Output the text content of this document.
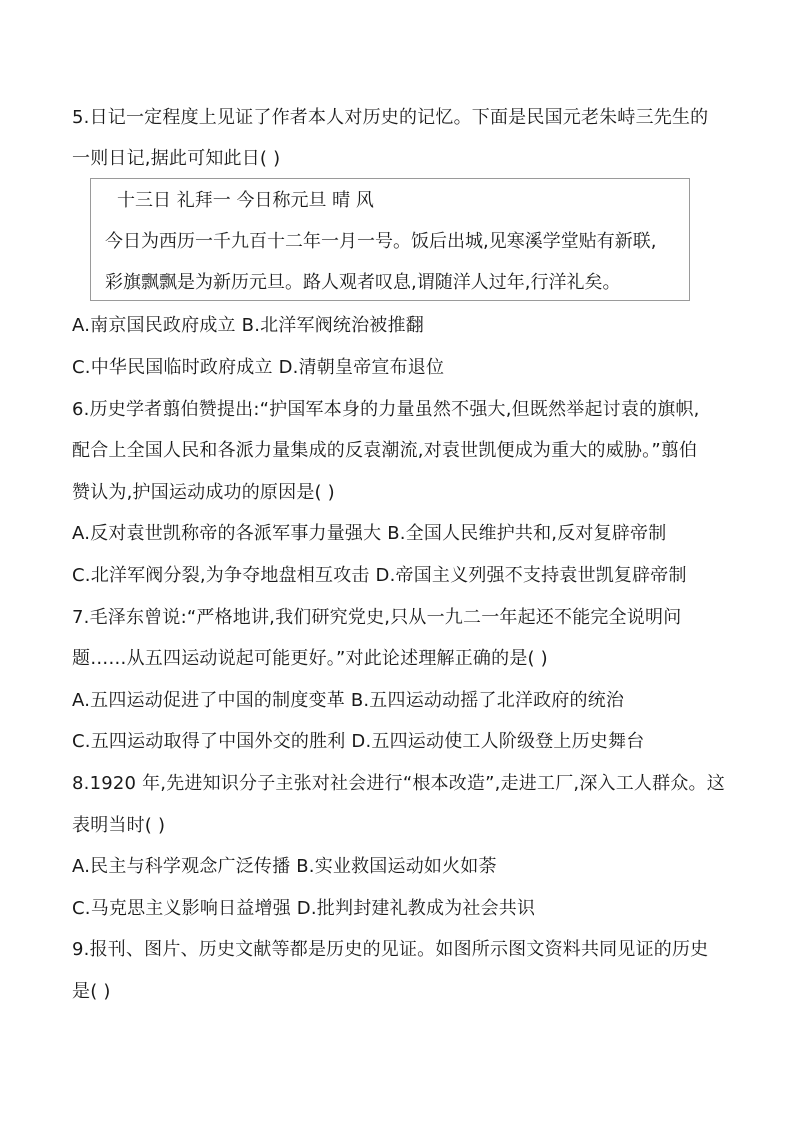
5.日记一定程度上见证了作者本人对历史的记忆。下面是民国元老朱峙三先生的
一则日记,据此可知此日( )
十三日 礼拜一 今日称元旦 晴 风
今日为西历一千九百十二年一月一号。饭后出城,见寒溪学堂贴有新联,
彩旗飘飘是为新历元旦。路人观者叹息,谓随洋人过年,行洋礼矣。
A.南京国民政府成立 B.北洋军阀统治被推翻
C.中华民国临时政府成立 D.清朝皇帝宣布退位
6.历史学者翦伯赞提出:“护国军本身的力量虽然不强大,但既然举起讨袁的旗帜,
配合上全国人民和各派力量集成的反袁潮流,对袁世凯便成为重大的威胁。”翦伯
赞认为,护国运动成功的原因是( )
A.反对袁世凯称帝的各派军事力量强大 B.全国人民维护共和,反对复辟帝制
C.北洋军阀分裂,为争夺地盘相互攻击 D.帝国主义列强不支持袁世凯复辟帝制
7.毛泽东曾说:“严格地讲,我们研究党史,只从一九二一年起还不能完全说明问
题……从五四运动说起可能更好。”对此论述理解正确的是( )
A.五四运动促进了中国的制度变革 B.五四运动动摇了北洋政府的统治
C.五四运动取得了中国外交的胜利 D.五四运动使工人阶级登上历史舞台
8.1920 年,先进知识分子主张对社会进行“根本改造”,走进工厂,深入工人群众。这
表明当时( )
A.民主与科学观念广泛传播 B.实业救国运动如火如荼
C.马克思主义影响日益增强 D.批判封建礼教成为社会共识
9.报刊、图片、历史文献等都是历史的见证。如图所示图文资料共同见证的历史
是( )
